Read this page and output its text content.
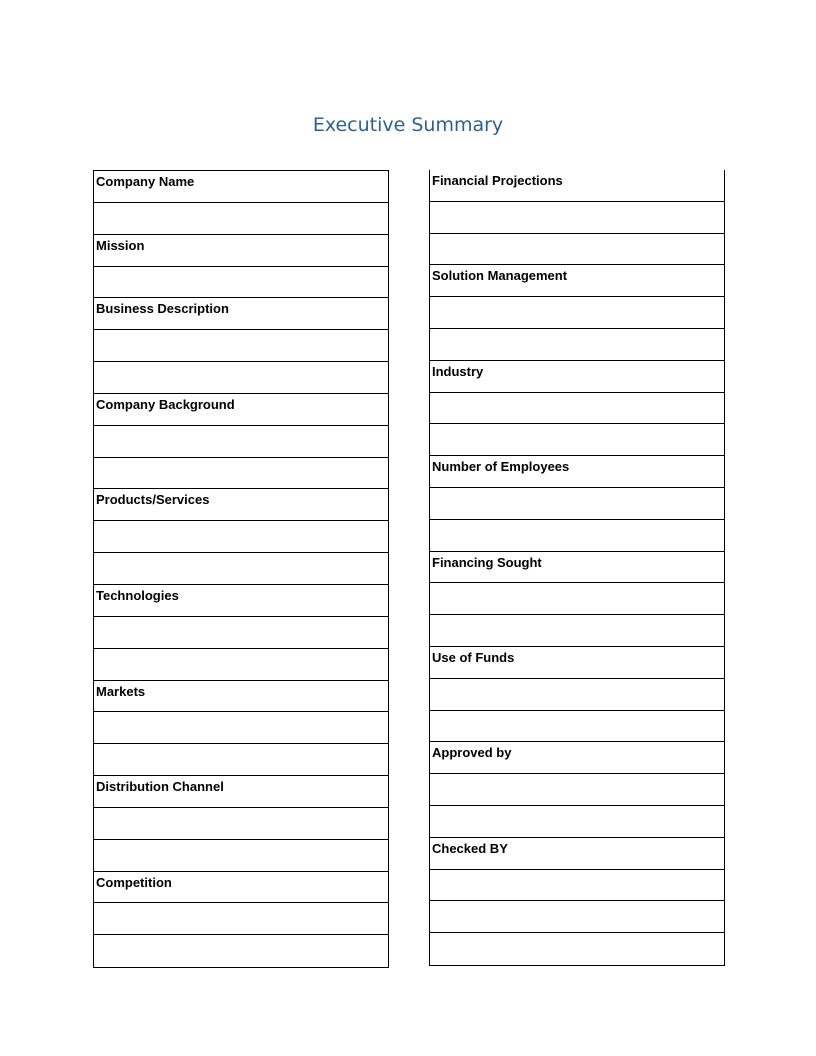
Executive Summary
Company Name
Mission
Business Description
Company Background
Products/Services
Technologies
Markets
Distribution Channel
Competition
Financial Projections
Solution Management
Industry
Number of Employees
Financing Sought
Use of Funds
Approved by
Checked BY
